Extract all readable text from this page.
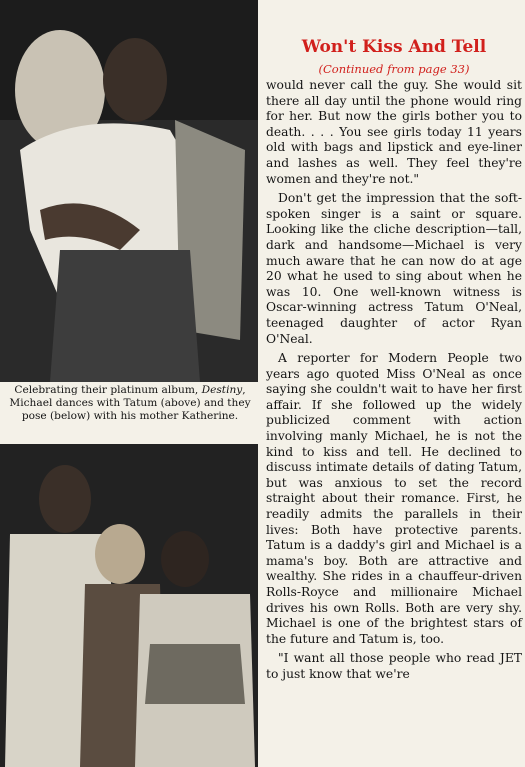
Celebrating their platinum album, Destiny, Michael dances with Tatum (above) and they pose (below) with his mother Katherine.
Won't Kiss And Tell
(Continued from page 33)

would never call the guy. She would sit there all day until the phone would ring for her. But now the girls bother you to death. . . . You see girls today 11 years old with bags and lipstick and eye-liner and lashes as well. They feel they're women and they're not."

Don't get the impression that the soft-spoken singer is a saint or square. Looking like the cliche description—tall, dark and handsome—Michael is very much aware that he can now do at age 20 what he used to sing about when he was 10. One well-known witness is Oscar-winning actress Tatum O'Neal, teenaged daughter of actor Ryan O'Neal.

A reporter for Modern People two years ago quoted Miss O'Neal as once saying she couldn't wait to have her first affair. If she followed up the widely publicized comment with action involving manly Michael, he is not the kind to kiss and tell. He declined to discuss intimate details of dating Tatum, but was anxious to set the record straight about their romance. First, he readily admits the parallels in their lives: Both have protective parents. Tatum is a daddy's girl and Michael is a mama's boy. Both are attractive and wealthy. She rides in a chauffeur-driven Rolls-Royce and millionaire Michael drives his own Rolls. Both are very shy. Michael is one of the brightest stars of the future and Tatum is, too.

"I want all those people who read JET to just know that we're
